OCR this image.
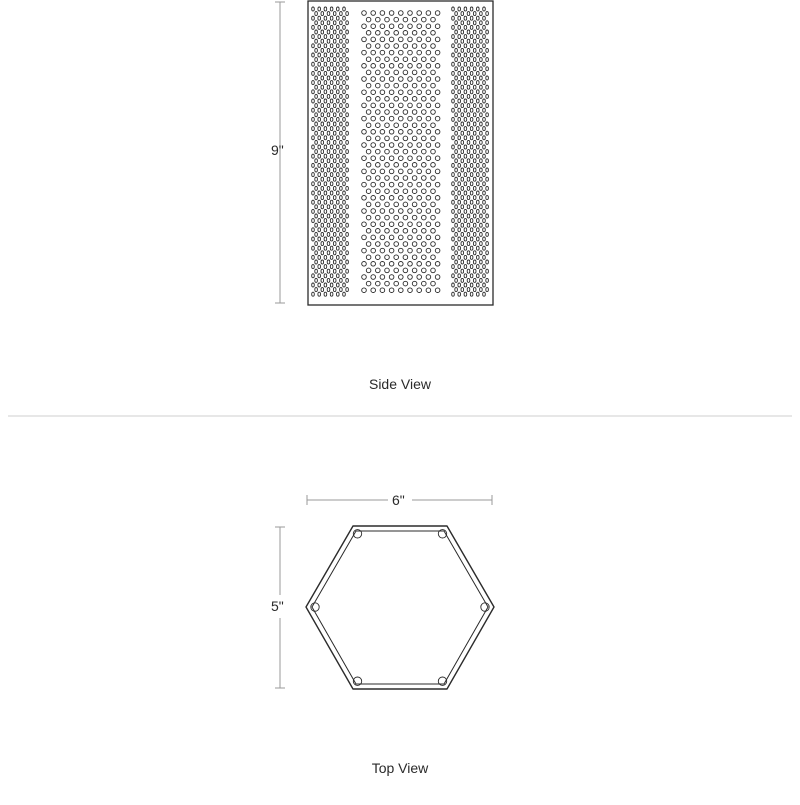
9"
Side View
6"
5"
Top View
